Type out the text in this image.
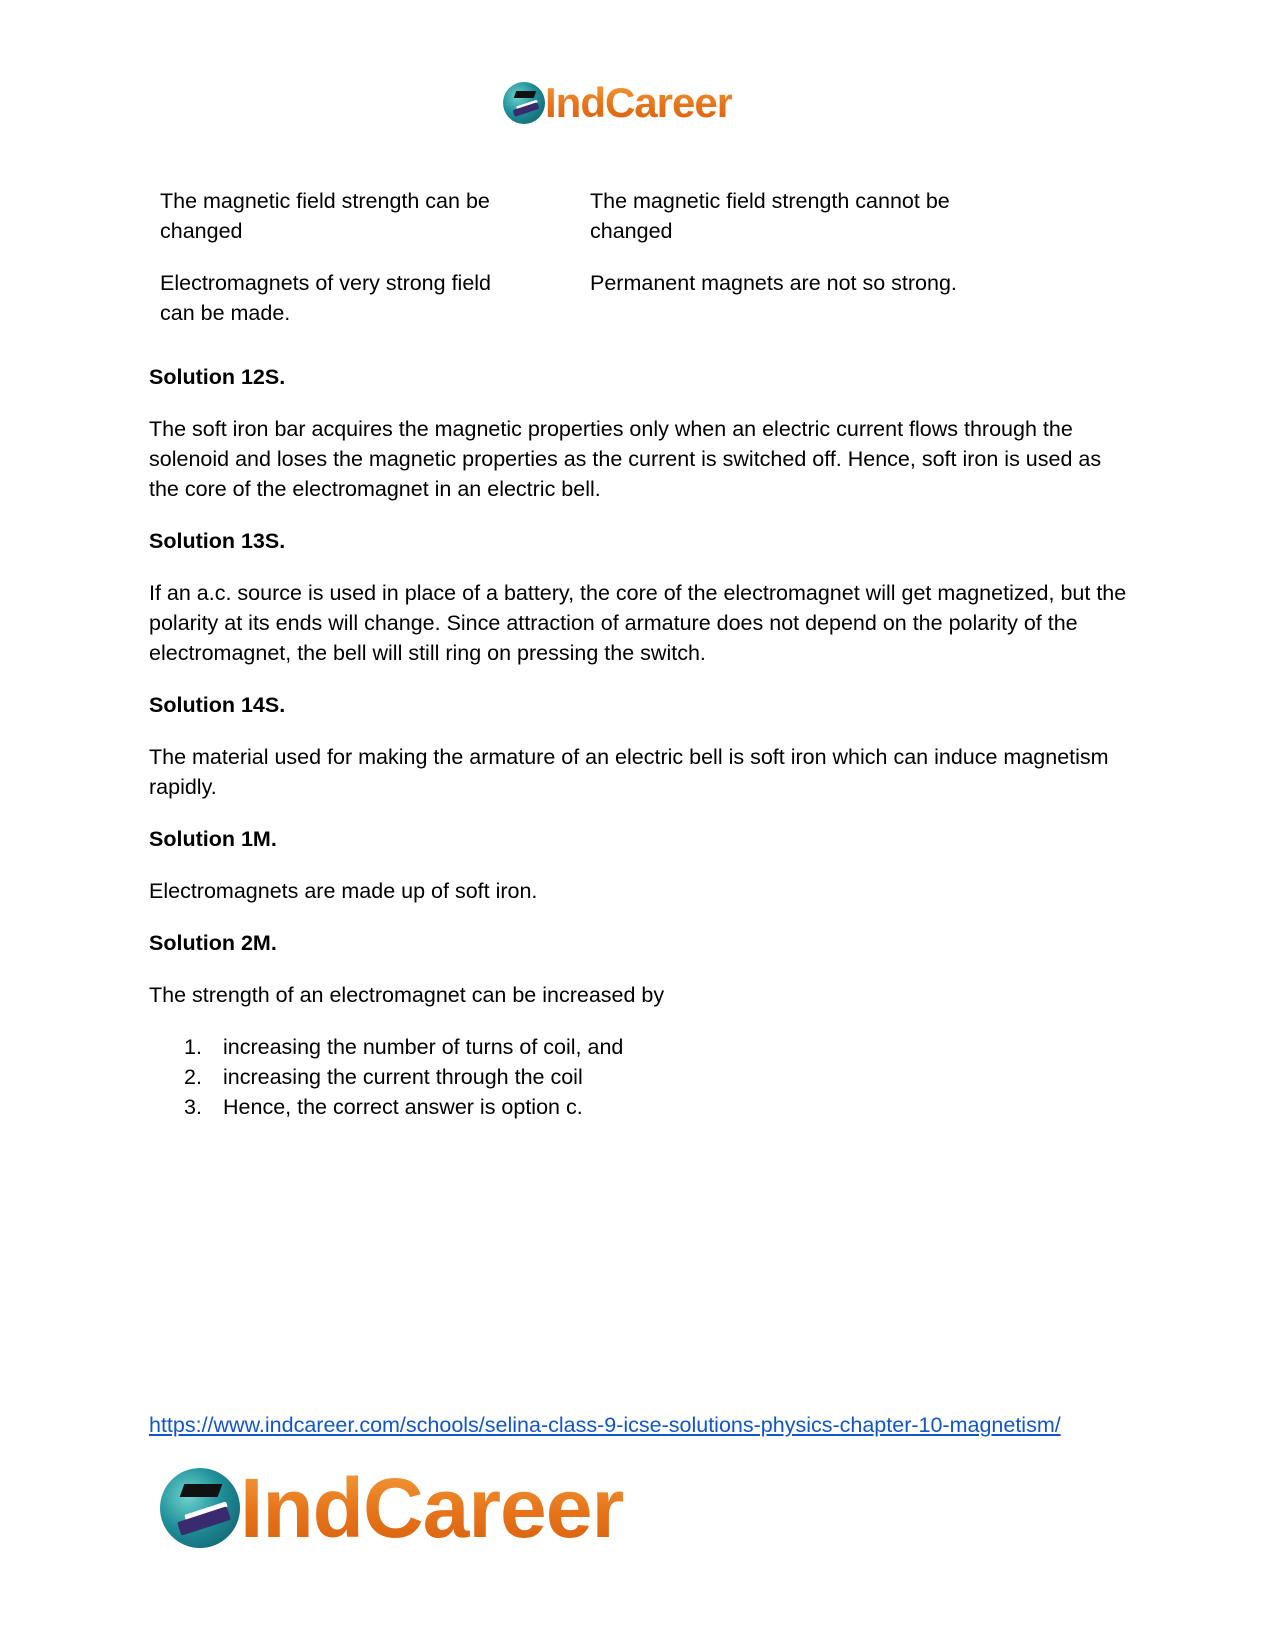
IndCareer
The magnetic field strength can be changed
The magnetic field strength cannot be changed
Electromagnets of very strong field can be made.
Permanent magnets are not so strong.
Solution 12S.
The soft iron bar acquires the magnetic properties only when an electric current flows through the solenoid and loses the magnetic properties as the current is switched off. Hence, soft iron is used as the core of the electromagnet in an electric bell.
Solution 13S.
If an a.c. source is used in place of a battery, the core of the electromagnet will get magnetized, but the polarity at its ends will change. Since attraction of armature does not depend on the polarity of the electromagnet, the bell will still ring on pressing the switch.
Solution 14S.
The material used for making the armature of an electric bell is soft iron which can induce magnetism rapidly.
Solution 1M.
Electromagnets are made up of soft iron.
Solution 2M.
The strength of an electromagnet can be increased by
1. increasing the number of turns of coil, and
2. increasing the current through the coil
3. Hence, the correct answer is option c.
https://www.indcareer.com/schools/selina-class-9-icse-solutions-physics-chapter-10-magnetism/
IndCareer
